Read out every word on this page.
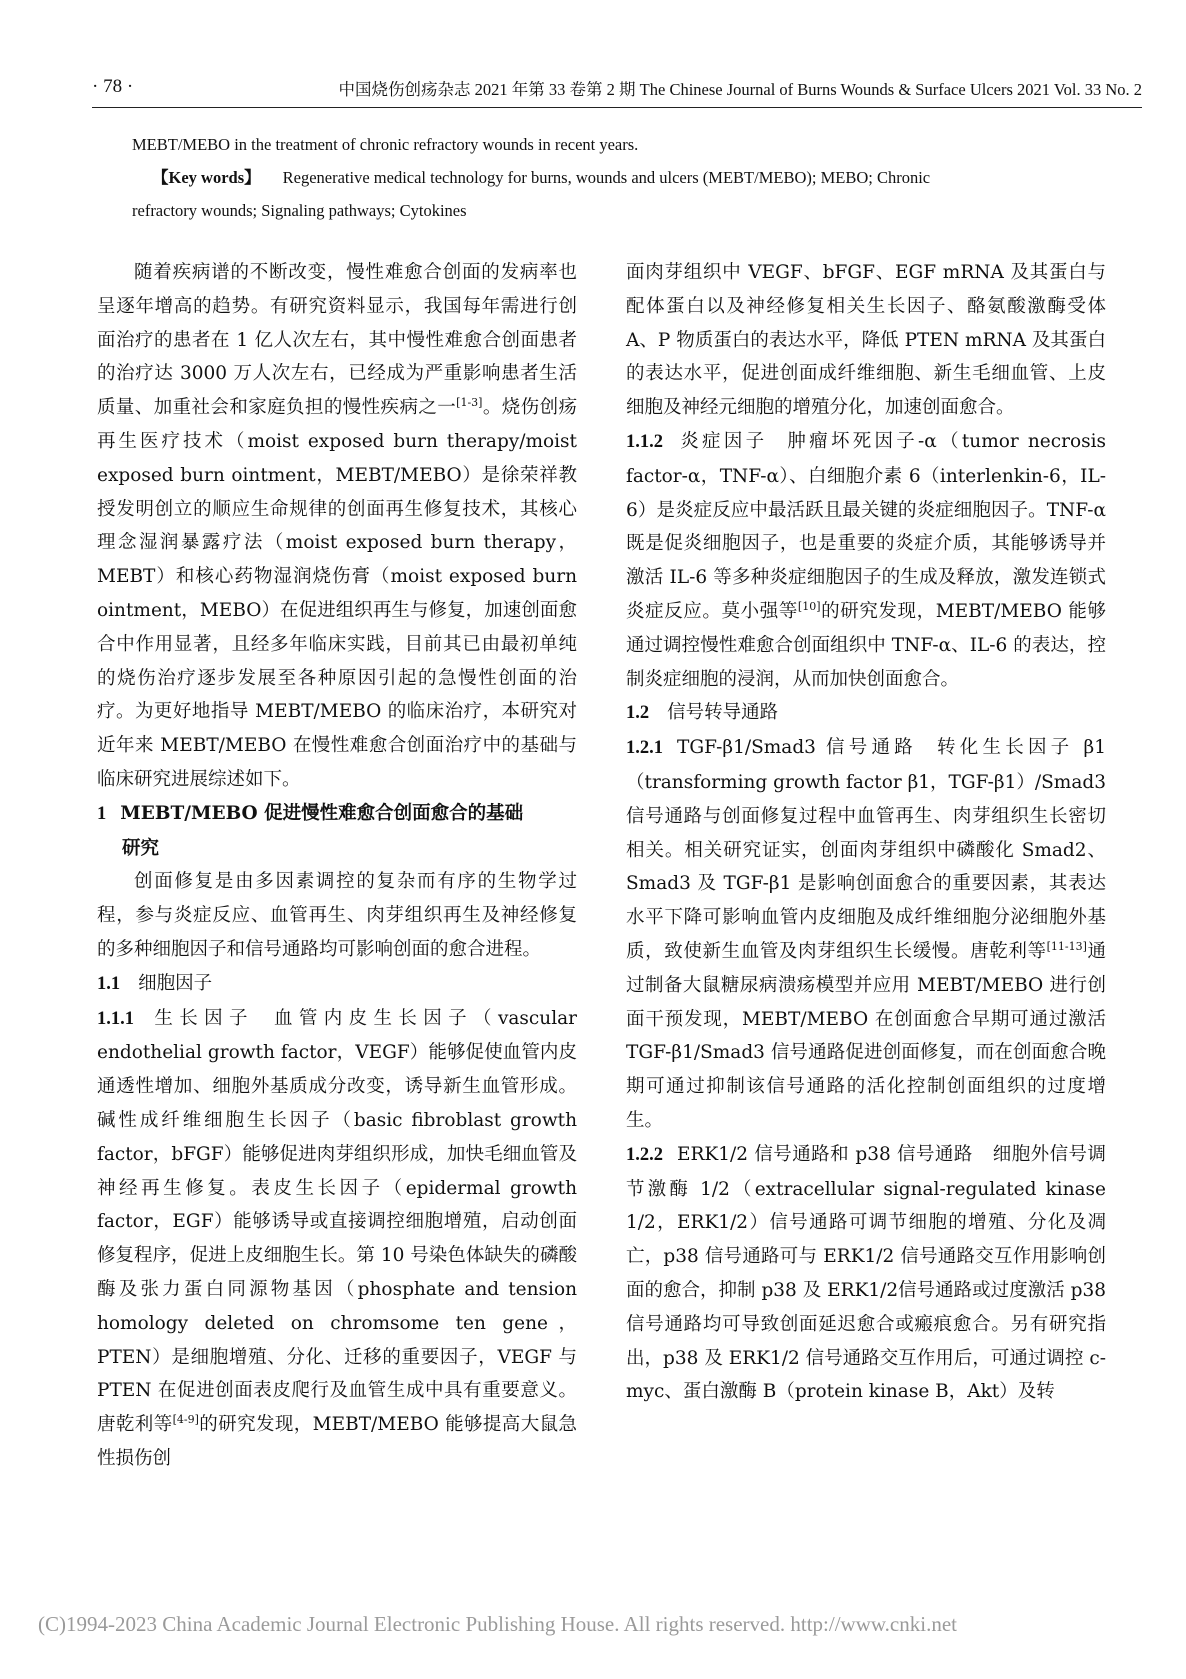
· 78 ·	中国烧伤创疡杂志 2021 年第 33 卷第 2 期 The Chinese Journal of Burns Wounds & Surface Ulcers 2021 Vol. 33 No. 2
MEBT/MEBO in the treatment of chronic refractory wounds in recent years.
【Key words】 Regenerative medical technology for burns, wounds and ulcers (MEBT/MEBO); MEBO; Chronic
refractory wounds; Signaling pathways; Cytokines

随着疾病谱的不断改变，慢性难愈合创面的发病率也呈逐年增高的趋势。有研究资料显示，我国每年需进行创面治疗的患者在 1 亿人次左右，其中慢性难愈合创面患者的治疗达 3000 万人次左右，已经成为严重影响患者生活质量、加重社会和家庭负担的慢性疾病之一[1-3]。烧伤创疡再生医疗技术（moist exposed burn therapy/moist exposed burn ointment，MEBT/MEBO）是徐荣祥教授发明创立的顺应生命规律的创面再生修复技术，其核心理念湿润暴露疗法（moist exposed burn therapy，MEBT）和核心药物湿润烧伤膏（moist exposed burn ointment，MEBO）在促进组织再生与修复，加速创面愈合中作用显著，且经多年临床实践，目前其已由最初单纯的烧伤治疗逐步发展至各种原因引起的急慢性创面的治疗。为更好地指导 MEBT/MEBO 的临床治疗，本研究对近年来 MEBT/MEBO 在慢性难愈合创面治疗中的基础与临床研究进展综述如下。

1 MEBT/MEBO 促进慢性难愈合创面愈合的基础
研究

创面修复是由多因素调控的复杂而有序的生物学过程，参与炎症反应、血管再生、肉芽组织再生及神经修复的多种细胞因子和信号通路均可影响创面的愈合进程。

1.1 细胞因子

1.1.1 生长因子 血管内皮生长因子（vascular endothelial growth factor，VEGF）能够促使血管内皮通透性增加、细胞外基质成分改变，诱导新生血管形成。碱性成纤维细胞生长因子（basic fibroblast growth factor，bFGF）能够促进肉芽组织形成，加快毛细血管及神经再生修复。表皮生长因子（epidermal growth factor，EGF）能够诱导或直接调控细胞增殖，启动创面修复程序，促进上皮细胞生长。第 10 号染色体缺失的磷酸酶及张力蛋白同源物基因（phosphate and tension homology deleted on chromsome ten gene，PTEN）是细胞增殖、分化、迁移的重要因子，VEGF 与 PTEN 在促进创面表皮爬行及血管生成中具有重要意义。唐乾利等[4-9]的研究发现，MEBT/MEBO 能够提高大鼠急性损伤创

面肉芽组织中 VEGF、bFGF、EGF mRNA 及其蛋白与配体蛋白以及神经修复相关生长因子、酪氨酸激酶受体 A、P 物质蛋白的表达水平，降低 PTEN mRNA 及其蛋白的表达水平，促进创面成纤维细胞、新生毛细血管、上皮细胞及神经元细胞的增殖分化，加速创面愈合。

1.1.2 炎症因子 肿瘤坏死因子-α（tumor necrosis factor-α，TNF-α）、白细胞介素 6（interlenkin-6，IL-6）是炎症反应中最活跃且最关键的炎症细胞因子。TNF-α 既是促炎细胞因子，也是重要的炎症介质，其能够诱导并激活 IL-6 等多种炎症细胞因子的生成及释放，激发连锁式炎症反应。莫小强等[10]的研究发现，MEBT/MEBO 能够通过调控慢性难愈合创面组织中 TNF-α、IL-6 的表达，控制炎症细胞的浸润，从而加快创面愈合。

1.2 信号转导通路

1.2.1 TGF-β1/Smad3 信号通路 转化生长因子 β1（transforming growth factor β1，TGF-β1）/Smad3 信号通路与创面修复过程中血管再生、肉芽组织生长密切相关。相关研究证实，创面肉芽组织中磷酸化 Smad2、Smad3 及 TGF-β1 是影响创面愈合的重要因素，其表达水平下降可影响血管内皮细胞及成纤维细胞分泌细胞外基质，致使新生血管及肉芽组织生长缓慢。唐乾利等[11-13]通过制备大鼠糖尿病溃疡模型并应用 MEBT/MEBO 进行创面干预发现，MEBT/MEBO 在创面愈合早期可通过激活 TGF-β1/Smad3 信号通路促进创面修复，而在创面愈合晚期可通过抑制该信号通路的活化控制创面组织的过度增生。

1.2.2 ERK1/2 信号通路和 p38 信号通路 细胞外信号调节激酶 1/2（extracellular signal-regulated kinase 1/2，ERK1/2）信号通路可调节细胞的增殖、分化及凋亡，p38 信号通路可与 ERK1/2 信号通路交互作用影响创面的愈合，抑制 p38 及 ERK1/2信号通路或过度激活 p38 信号通路均可导致创面延迟愈合或瘢痕愈合。另有研究指出，p38 及 ERK1/2 信号通路交互作用后，可通过调控 c-myc、蛋白激酶 B（protein kinase B，Akt）及转

(C)1994-2023 China Academic Journal Electronic Publishing House. All rights reserved. http://www.cnki.net
